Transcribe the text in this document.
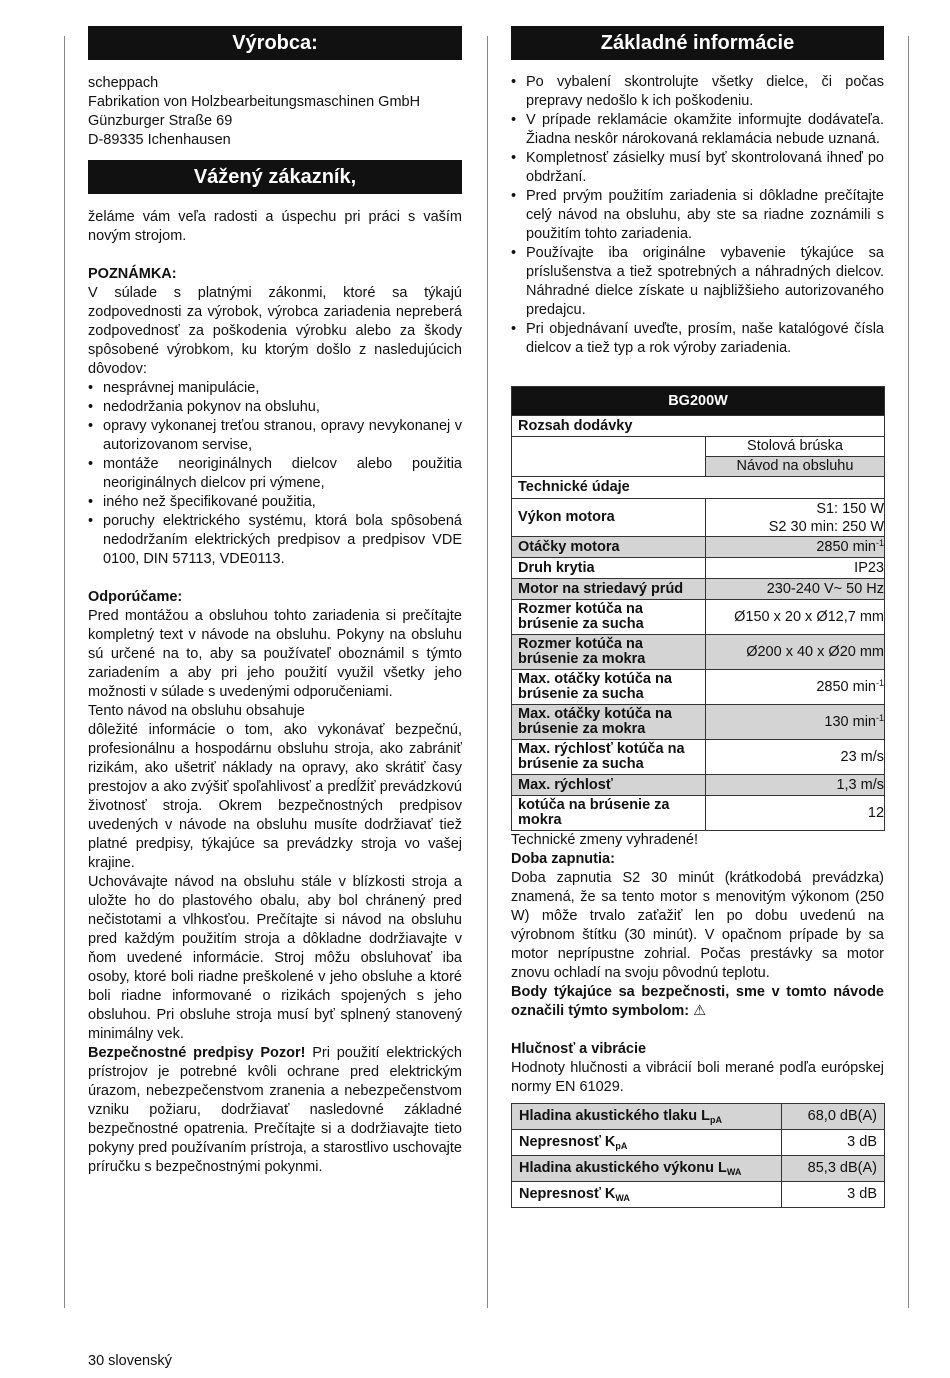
Výrobca:
scheppach
Fabrikation von Holzbearbeitungsmaschinen GmbH
Günzburger Straße 69
D-89335 Ichenhausen
Vážený zákazník,

želáme vám veľa radosti a úspechu pri práci s vaším novým strojom.

POZNÁMKA:

V súlade s platnými zákonmi, ktoré sa týkajú zodpovednosti za výrobok, výrobca zariadenia nepreberá zodpovednosť za poškodenia výrobku alebo za škody spôsobené výrobkom, ku ktorým došlo z nasledujúcich dôvodov:

• nesprávnej manipulácie,
• nedodržania pokynov na obsluhu,
• opravy vykonanej treťou stranou, opravy nevykonanej v autorizovanom servise,
• montáže neoriginálnych dielcov alebo použitia neoriginálnych dielcov pri výmene,
• iného než špecifikované použitia,
• poruchy elektrického systému, ktorá bola spôsobená nedodržaním elektrických predpisov a predpisov VDE 0100, DIN 57113, VDE0113.

Odporúčame:

Pred montážou a obsluhou tohto zariadenia si prečítajte kompletný text v návode na obsluhu. Pokyny na obsluhu sú určené na to, aby sa používateľ oboznámil s týmto zariadením a aby pri jeho použití využil všetky jeho možnosti v súlade s uvedenými odporučeniami.

Tento návod na obsluhu obsahuje

dôležité informácie o tom, ako vykonávať bezpečnú, profesionálnu a hospodárnu obsluhu stroja, ako zabrániť rizikám, ako ušetriť náklady na opravy, ako skrátiť časy prestojov a ako zvýšiť spoľahlivosť a predĺžiť prevádzkovú životnosť stroja. Okrem bezpečnostných predpisov uvedených v návode na obsluhu musíte dodržiavať tiež platné predpisy, týkajúce sa prevádzky stroja vo vašej krajine.

Uchovávajte návod na obsluhu stále v blízkosti stroja a uložte ho do plastového obalu, aby bol chránený pred nečistotami a vlhkosťou. Prečítajte si návod na obsluhu pred každým použitím stroja a dôkladne dodržiavajte v ňom uvedené informácie. Stroj môžu obsluhovať iba osoby, ktoré boli riadne preškolené v jeho obsluhe a ktoré boli riadne informované o rizikách spojených s jeho obsluhou. Pri obsluhe stroja musí byť splnený stanovený minimálny vek.

Bezpečnostné predpisy Pozor! Pri použití elektrických prístrojov je potrebné kvôli ochrane pred elektrickým úrazom, nebezpečenstvom zranenia a nebezpečenstvom vzniku požiaru, dodržiavať nasledovné základné bezpečnostné opatrenia. Prečítajte si a dodržiavajte tieto pokyny pred používaním prístroja, a starostlivo uschovajte príručku s bezpečnostnými pokynmi.

Základné informácie
• Po vybalení skontrolujte všetky dielce, či počas prepravy nedošlo k ich poškodeniu.
• V prípade reklamácie okamžite informujte dodávateľa. Žiadna neskôr nárokovaná reklamácia nebude uznaná.
• Kompletnosť zásielky musí byť skontrolovaná ihneď po obdržaní.
• Pred prvým použitím zariadenia si dôkladne prečítajte celý návod na obsluhu, aby ste sa riadne zoznámili s použitím tohto zariadenia.
• Používajte iba originálne vybavenie týkajúce sa príslušenstva a tiež spotrebných a náhradných dielcov. Náhradné dielce získate u najbližšieho autorizovaného predajcu.
• Pri objednávaní uveďte, prosím, naše katalógové čísla dielcov a tiež typ a rok výroby zariadenia.
BG200W	
Rozsah dodávky	
	Stolová brúska
	Návod na obsluhu
Technické údaje	
Výkon motora	S1: 150 W
S2 30 min: 250 W

Otáčky motora	2850 $\min^{-1}$
Druh krytia	IP23
Motor na striedavý prúd	230-240 V~ 50 Hz
Rozmer kotúča na brúsenie za sucha	Ø150 x 20 x Ø12,7 mm
Rozmer kotúča na brúsenie za mokra	Ø200 x 40 x Ø20 mm
Max. otáčky kotúča na brúsenie za sucha	2850 $\min^{-1}$
Max. otáčky kotúča na brúsenie za mokra	130 $\min^{-1}$
Max. rýchlosť kotúča na brúsenie za sucha	23 m/s
Max. rýchlosť	1,3 m/s
kotúča na brúsenie za mokra	12

Technické zmeny vyhradené!

Doba zapnutia:

Doba zapnutia S2 30 minút (krátkodobá prevádzka) znamená, že sa tento motor s menovitým výkonom (250 W) môže trvalo zaťažiť len po dobu uvedenú na výrobnom štítku (30 minút). V opačnom prípade by sa motor neprípustne zohrial. Počas prestávky sa motor znovu ochladí na svoju pôvodnú teplotu.

Body týkajúce sa bezpečnosti, sme v tomto návode označili týmto symbolom: ⚠

Hlučnosť a vibrácie

Hodnoty hlučnosti a vibrácií boli merané podľa európskej normy EN 61029.

Hladina akustického tlaku $L_{pA}$	68,0 dB(A)
Nepresnosť $K_{pA}$	3 dB
Hladina akustického výkonu $L_{WA}$	85,3 dB(A)
Nepresnosť $K_{WA}$	3 dB
30 slovenský
